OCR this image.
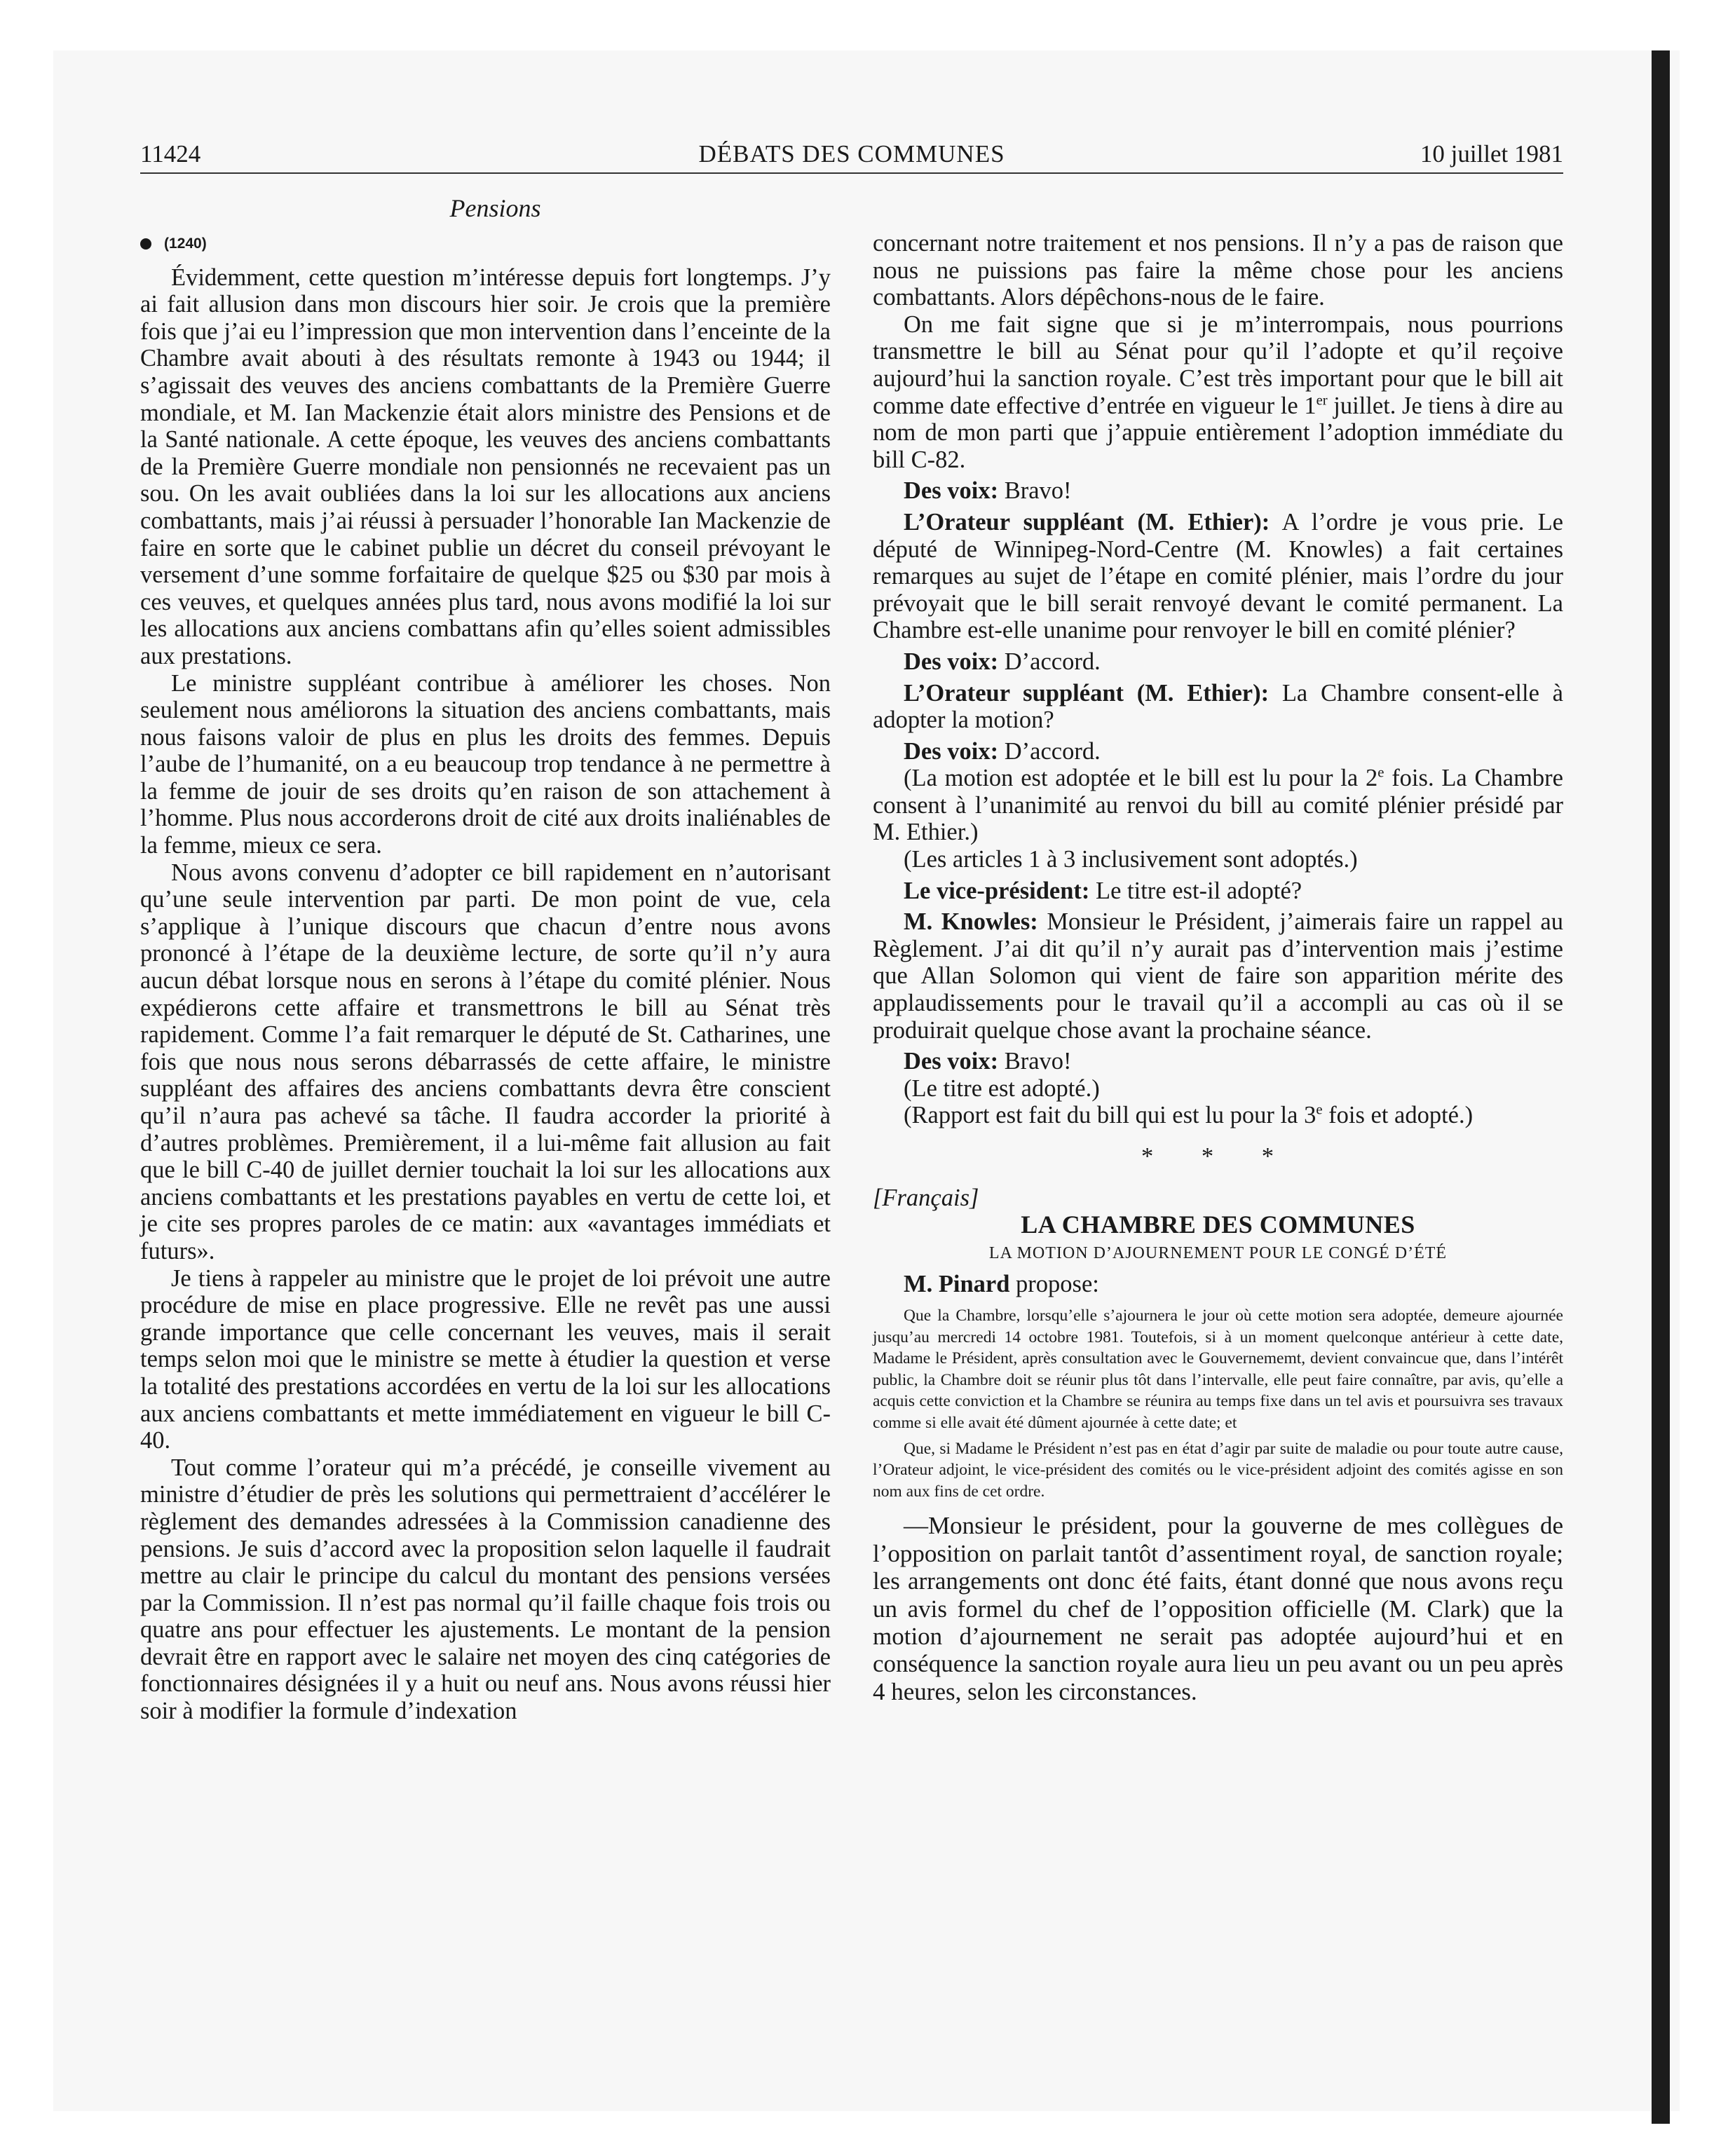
11424	DÉBATS DES COMMUNES	10 juillet 1981

Pensions

(1240)

Évidemment, cette question m’intéresse depuis fort longtemps. J’y ai fait allusion dans mon discours hier soir. Je crois que la première fois que j’ai eu l’impression que mon intervention dans l’enceinte de la Chambre avait abouti à des résultats remonte à 1943 ou 1944; il s’agissait des veuves des anciens combattants de la Première Guerre mondiale, et M. Ian Mackenzie était alors ministre des Pensions et de la Santé nationale. A cette époque, les veuves des anciens combattants de la Première Guerre mondiale non pensionnés ne recevaient pas un sou. On les avait oubliées dans la loi sur les allocations aux anciens combattants, mais j’ai réussi à persuader l’honorable Ian Mackenzie de faire en sorte que le cabinet publie un décret du conseil prévoyant le versement d’une somme forfaitaire de quelque $25 ou $30 par mois à ces veuves, et quelques années plus tard, nous avons modifié la loi sur les allocations aux anciens combattans afin qu’elles soient admissibles aux prestations.

Le ministre suppléant contribue à améliorer les choses. Non seulement nous améliorons la situation des anciens combattants, mais nous faisons valoir de plus en plus les droits des femmes. Depuis l’aube de l’humanité, on a eu beaucoup trop tendance à ne permettre à la femme de jouir de ses droits qu’en raison de son attachement à l’homme. Plus nous accorderons droit de cité aux droits inaliénables de la femme, mieux ce sera.

Nous avons convenu d’adopter ce bill rapidement en n’autorisant qu’une seule intervention par parti. De mon point de vue, cela s’applique à l’unique discours que chacun d’entre nous avons prononcé à l’étape de la deuxième lecture, de sorte qu’il n’y aura aucun débat lorsque nous en serons à l’étape du comité plénier. Nous expédierons cette affaire et transmettrons le bill au Sénat très rapidement. Comme l’a fait remarquer le député de St. Catharines, une fois que nous nous serons débarrassés de cette affaire, le ministre suppléant des affaires des anciens combattants devra être conscient qu’il n’aura pas achevé sa tâche. Il faudra accorder la priorité à d’autres problèmes. Premièrement, il a lui-même fait allusion au fait que le bill C-40 de juillet dernier touchait la loi sur les allocations aux anciens combattants et les prestations payables en vertu de cette loi, et je cite ses propres paroles de ce matin: aux «avantages immédiats et futurs».

Je tiens à rappeler au ministre que le projet de loi prévoit une autre procédure de mise en place progressive. Elle ne revêt pas une aussi grande importance que celle concernant les veuves, mais il serait temps selon moi que le ministre se mette à étudier la question et verse la totalité des prestations accordées en vertu de la loi sur les allocations aux anciens combattants et mette immédiatement en vigueur le bill C-40.

Tout comme l’orateur qui m’a précédé, je conseille vivement au ministre d’étudier de près les solutions qui permettraient d’accélérer le règlement des demandes adressées à la Commission canadienne des pensions. Je suis d’accord avec la proposition selon laquelle il faudrait mettre au clair le principe du calcul du montant des pensions versées par la Commission. Il n’est pas normal qu’il faille chaque fois trois ou quatre ans pour effectuer les ajustements. Le montant de la pension devrait être en rapport avec le salaire net moyen des cinq catégories de fonctionnaires désignées il y a huit ou neuf ans. Nous avons réussi hier soir à modifier la formule d’indexation

concernant notre traitement et nos pensions. Il n’y a pas de raison que nous ne puissions pas faire la même chose pour les anciens combattants. Alors dépêchons-nous de le faire.

On me fait signe que si je m’interrompais, nous pourrions transmettre le bill au Sénat pour qu’il l’adopte et qu’il reçoive aujourd’hui la sanction royale. C’est très important pour que le bill ait comme date effective d’entrée en vigueur le 1er juillet. Je tiens à dire au nom de mon parti que j’appuie entièrement l’adoption immédiate du bill C-82.

Des voix: Bravo!

L’Orateur suppléant (M. Ethier): A l’ordre je vous prie. Le député de Winnipeg-Nord-Centre (M. Knowles) a fait certaines remarques au sujet de l’étape en comité plénier, mais l’ordre du jour prévoyait que le bill serait renvoyé devant le comité permanent. La Chambre est-elle unanime pour renvoyer le bill en comité plénier?

Des voix: D’accord.

L’Orateur suppléant (M. Ethier): La Chambre consent-elle à adopter la motion?

Des voix: D’accord.

(La motion est adoptée et le bill est lu pour la 2e fois. La Chambre consent à l’unanimité au renvoi du bill au comité plénier présidé par M. Ethier.)

(Les articles 1 à 3 inclusivement sont adoptés.)

Le vice-président: Le titre est-il adopté?

M. Knowles: Monsieur le Président, j’aimerais faire un rappel au Règlement. J’ai dit qu’il n’y aurait pas d’intervention mais j’estime que Allan Solomon qui vient de faire son apparition mérite des applaudissements pour le travail qu’il a accompli au cas où il se produirait quelque chose avant la prochaine séance.

Des voix: Bravo!

(Le titre est adopté.)

(Rapport est fait du bill qui est lu pour la 3e fois et adopté.)

* * *

[Français]

LA CHAMBRE DES COMMUNES

LA MOTION D’AJOURNEMENT POUR LE CONGÉ D’ÉTÉ

M. Pinard propose:

Que la Chambre, lorsqu’elle s’ajournera le jour où cette motion sera adoptée, demeure ajournée jusqu’au mercredi 14 octobre 1981. Toutefois, si à un moment quelconque antérieur à cette date, Madame le Président, après consultation avec le Gouvernememt, devient convaincue que, dans l’intérêt public, la Chambre doit se réunir plus tôt dans l’intervalle, elle peut faire connaître, par avis, qu’elle a acquis cette conviction et la Chambre se réunira au temps fixe dans un tel avis et poursuivra ses travaux comme si elle avait été dûment ajournée à cette date; et

Que, si Madame le Président n’est pas en état d’agir par suite de maladie ou pour toute autre cause, l’Orateur adjoint, le vice-président des comités ou le vice-président adjoint des comités agisse en son nom aux fins de cet ordre.

—Monsieur le président, pour la gouverne de mes collègues de l’opposition on parlait tantôt d’assentiment royal, de sanction royale; les arrangements ont donc été faits, étant donné que nous avons reçu un avis formel du chef de l’opposition officielle (M. Clark) que la motion d’ajournement ne serait pas adoptée aujourd’hui et en conséquence la sanction royale aura lieu un peu avant ou un peu après 4 heures, selon les circonstances.
